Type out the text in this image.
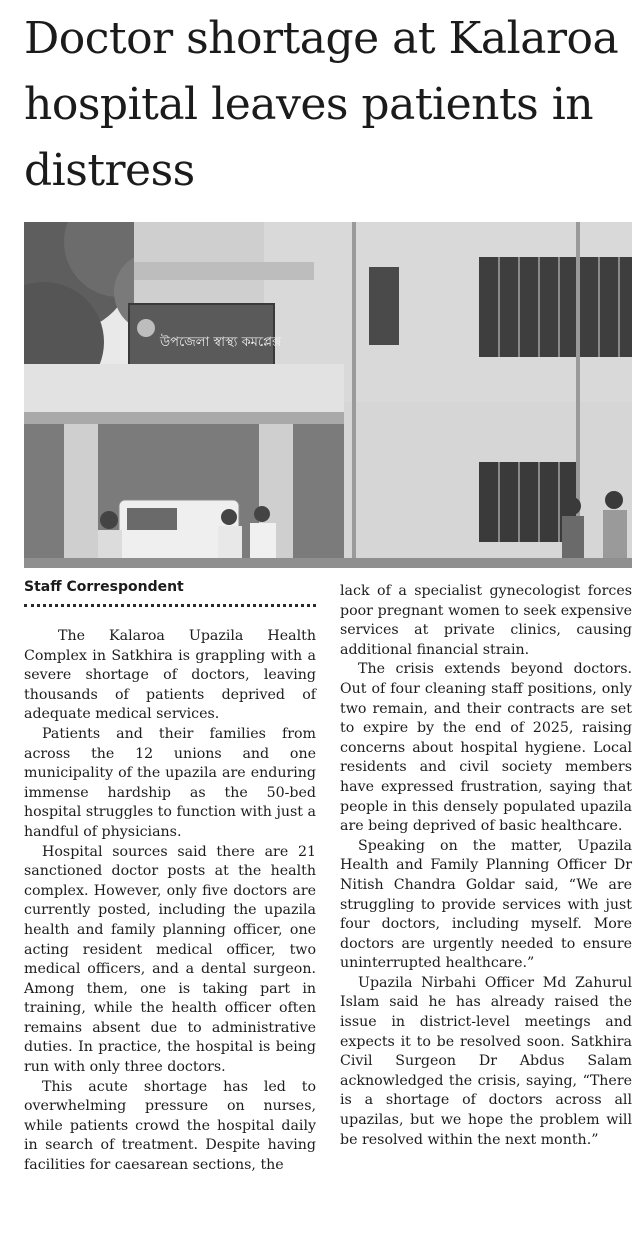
Doctor shortage at Kalaroa hospital leaves patients in distress
উপজেলা স্বাস্থ্য কমপ্লেক্স
Staff Correspondent

The Kalaroa Upazila Health Complex in Satkhira is grappling with a severe shortage of doctors, leaving thousands of patients deprived of adequate medical services.

Patients and their families from across the 12 unions and one municipality of the upazila are enduring immense hardship as the 50-bed hospital struggles to function with just a handful of physicians.

Hospital sources said there are 21 sanctioned doctor posts at the health complex. However, only five doctors are currently posted, including the upazila health and family planning officer, one acting resident medical officer, two medical officers, and a dental surgeon. Among them, one is taking part in training, while the health officer often remains absent due to administrative duties. In practice, the hospital is being run with only three doctors.

This acute shortage has led to overwhelming pressure on nurses, while patients crowd the hospital daily in search of treatment. Despite having facilities for caesarean sections, the

lack of a specialist gynecologist forces poor pregnant women to seek expensive services at private clinics, causing additional financial strain.

The crisis extends beyond doctors. Out of four cleaning staff positions, only two remain, and their contracts are set to expire by the end of 2025, raising concerns about hospital hygiene. Local residents and civil society members have expressed frustration, saying that people in this densely populated upazila are being deprived of basic healthcare.

Speaking on the matter, Upazila Health and Family Planning Officer Dr Nitish Chandra Goldar said, “We are struggling to provide services with just four doctors, including myself. More doctors are urgently needed to ensure uninterrupted healthcare.”

Upazila Nirbahi Officer Md Zahurul Islam said he has already raised the issue in district-level meetings and expects it to be resolved soon. Satkhira Civil Surgeon Dr Abdus Salam acknowledged the crisis, saying, “There is a shortage of doctors across all upazilas, but we hope the problem will be resolved within the next month.”
